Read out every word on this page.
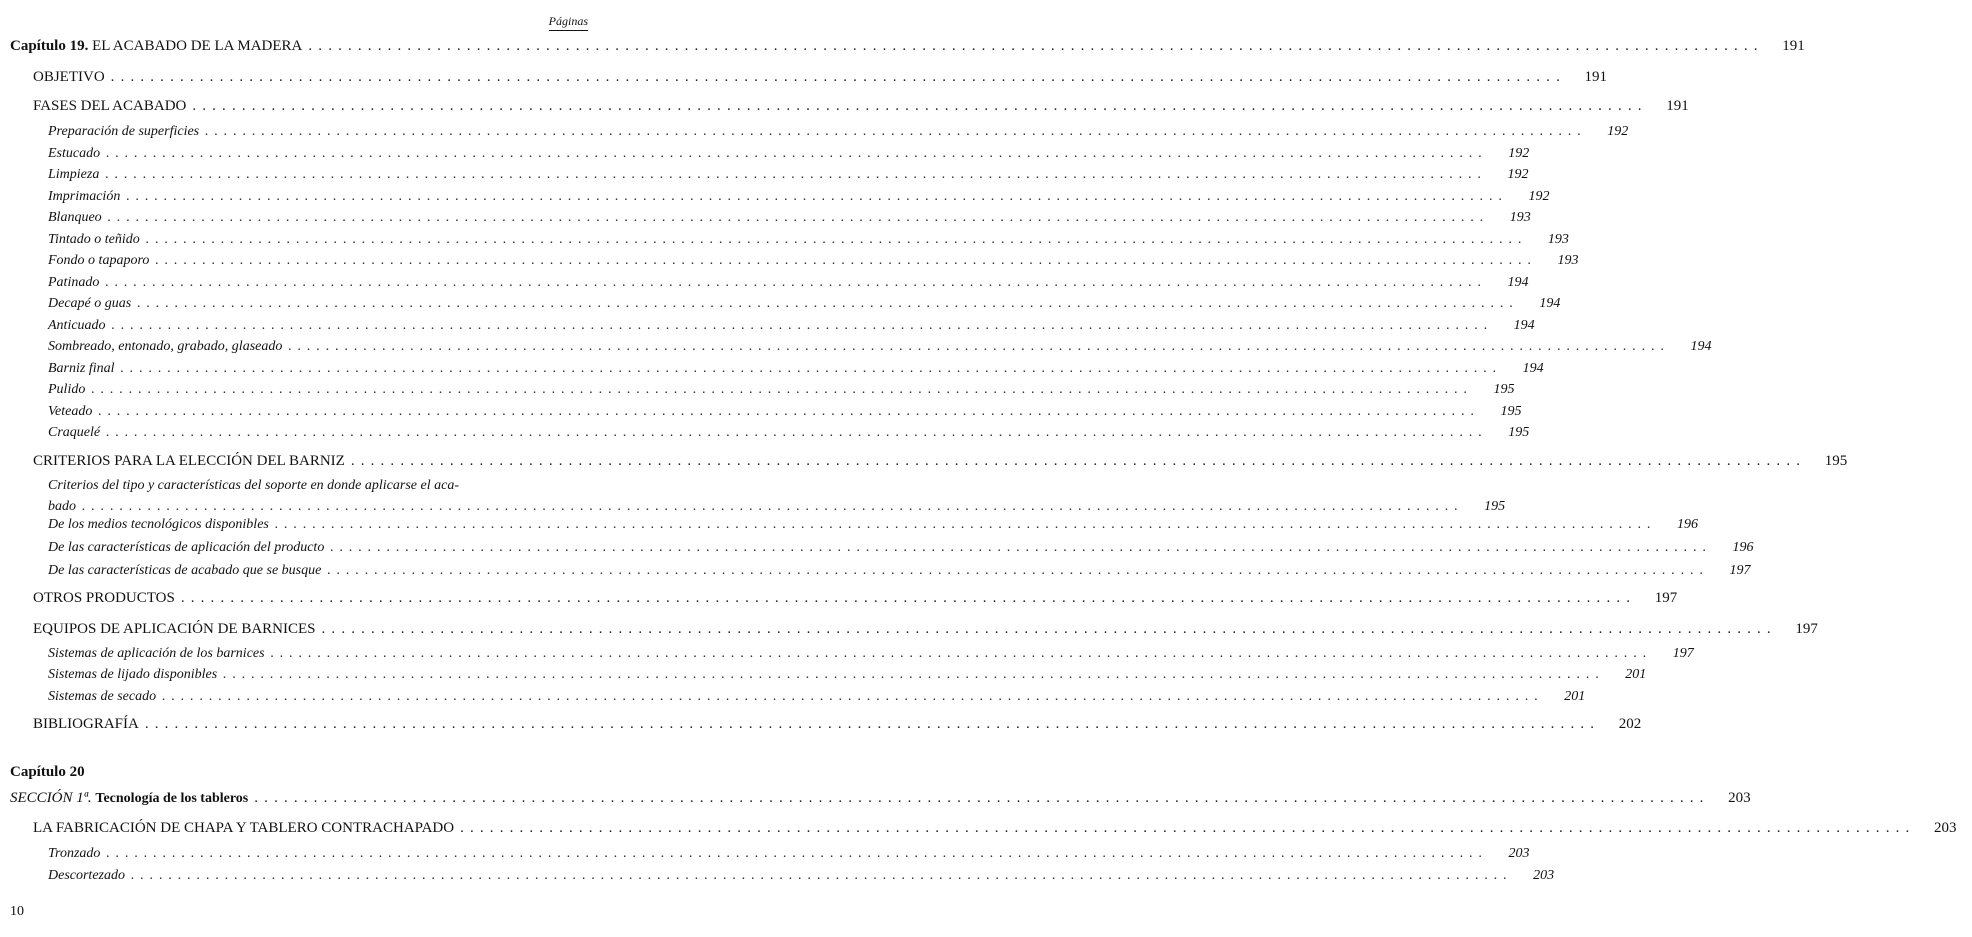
Páginas
Capítulo 19. EL ACABADO DE LA MADERA . . .	191
OBJETIVO . . .	191
FASES DEL ACABADO . . .	191
Preparación de superficies . . .	192
Estucado . . .	192
Limpieza . . .	192
Imprimación . . .	192
Blanqueo . . .	193
Tintado o teñido . . .	193
Fondo o tapaporo . . .	193
Patinado . . .	194
Decapé o guas . . .	194
Anticuado . . .	194
Sombreado, entonado, grabado, glaseado . . .	194
Barniz final . . .	194
Pulido . . .	195
Veteado . . .	195
Craquelé . . .	195
CRITERIOS PARA LA ELECCIÓN DEL BARNIZ . . .	195
Criterios del tipo y características del soporte en donde aplicarse el aca-
bado . . .	195
De los medios tecnológicos disponibles . . .	196
De las características de aplicación del producto . . .	196
De las características de acabado que se busque . . .	197
OTROS PRODUCTOS . . .	197
EQUIPOS DE APLICACIÓN DE BARNICES . . .	197
Sistemas de aplicación de los barnices . . .	197
Sistemas de lijado disponibles . . .	201
Sistemas de secado . . .	201
BIBLIOGRAFÍA . . .	202
Capítulo 20
SECCIÓN 1ª. Tecnología de los tableros . . .	203
LA FABRICACIÓN DE CHAPA Y TABLERO CONTRACHAPADO . . .	203
Tronzado . . .	203
Descortezado . . .	203
10
